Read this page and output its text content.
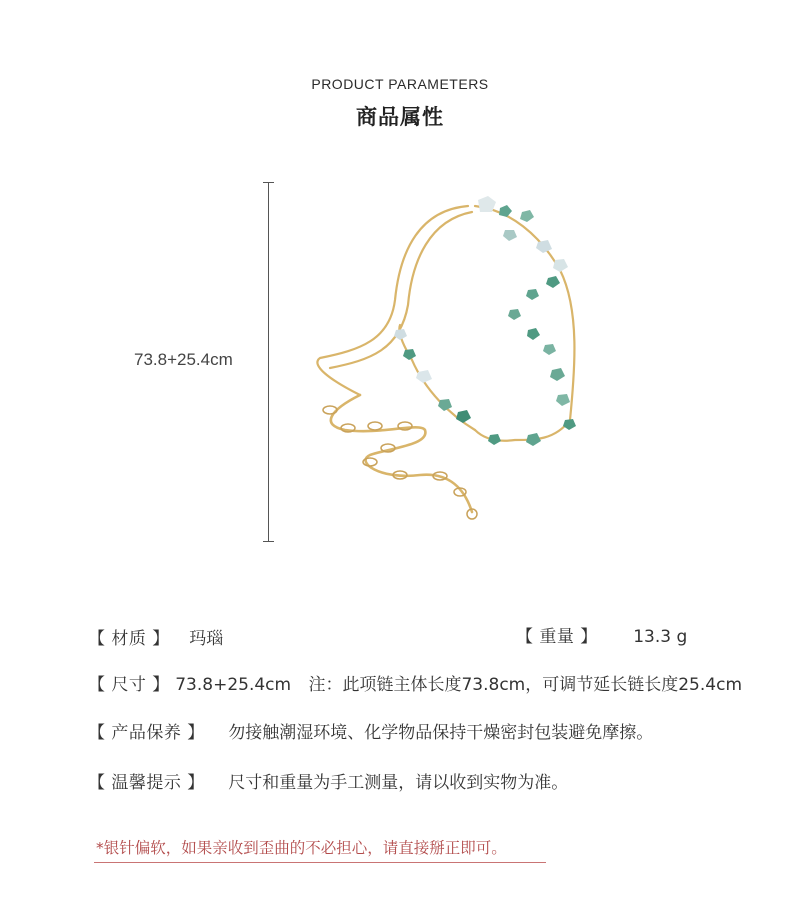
PRODUCT PARAMETERS
商品属性
73.8+25.4cm
【 材质 】 玛瑙	【 重量 】 13.3 g
【 尺寸 】 73.8+25.4cm 注：此项链主体长度73.8cm，可调节延长链长度25.4cm
【 产品保养 】 勿接触潮湿环境、化学物品保持干燥密封包装避免摩擦。
【 温馨提示 】 尺寸和重量为手工测量，请以收到实物为准。
*银针偏软，如果亲收到歪曲的不必担心，请直接掰正即可。
